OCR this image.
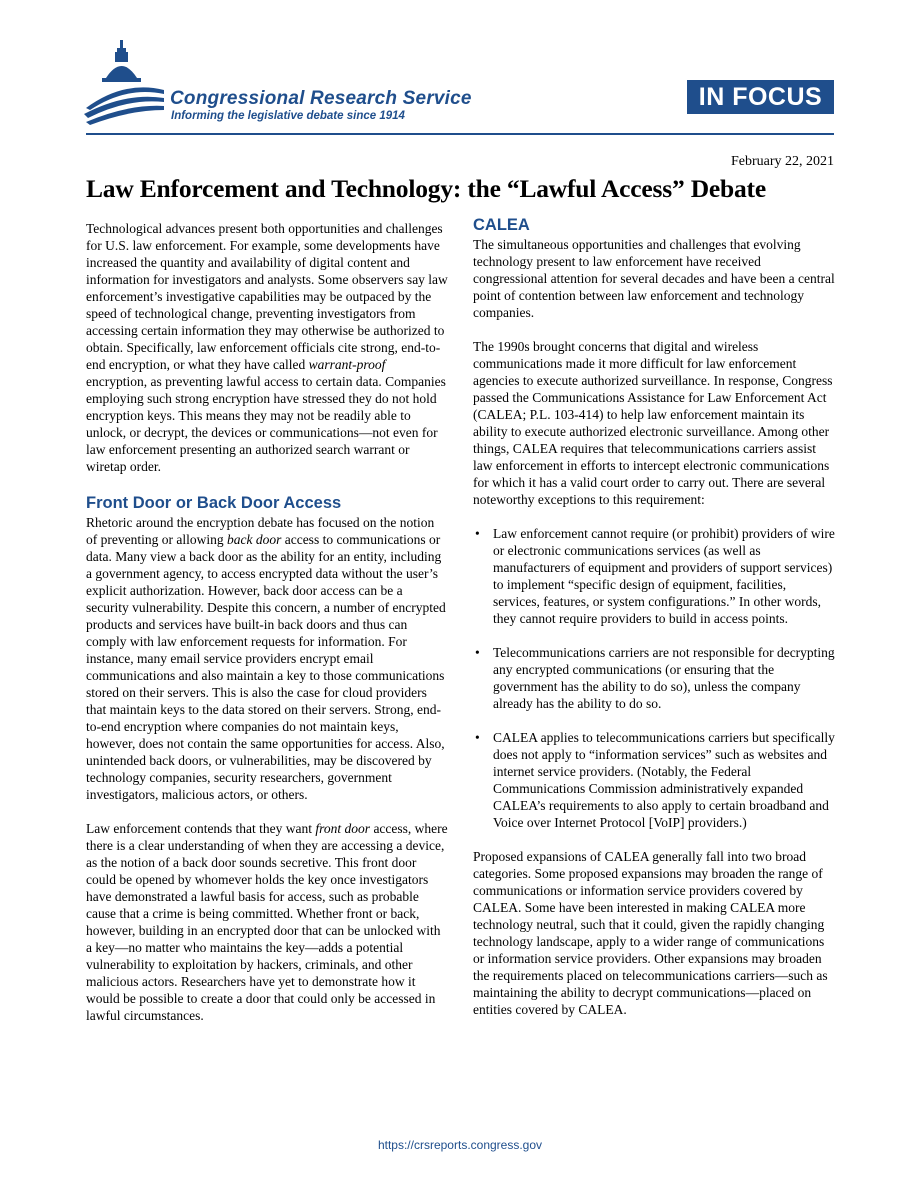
Congressional Research Service
Informing the legislative debate since 1914
IN FOCUS
February 22, 2021
Law Enforcement and Technology: the “Lawful Access” Debate

Technological advances present both opportunities and challenges for U.S. law enforcement. For example, some developments have increased the quantity and availability of digital content and information for investigators and analysts. Some observers say law enforcement’s investigative capabilities may be outpaced by the speed of technological change, preventing investigators from accessing certain information they may otherwise be authorized to obtain. Specifically, law enforcement officials cite strong, end-to-end encryption, or what they have called warrant-proof encryption, as preventing lawful access to certain data. Companies employing such strong encryption have stressed they do not hold encryption keys. This means they may not be readily able to unlock, or decrypt, the devices or communications—not even for law enforcement presenting an authorized search warrant or wiretap order.

Front Door or Back Door Access

Rhetoric around the encryption debate has focused on the notion of preventing or allowing back door access to communications or data. Many view a back door as the ability for an entity, including a government agency, to access encrypted data without the user’s explicit authorization. However, back door access can be a security vulnerability. Despite this concern, a number of encrypted products and services have built-in back doors and thus can comply with law enforcement requests for information. For instance, many email service providers encrypt email communications and also maintain a key to those communications stored on their servers. This is also the case for cloud providers that maintain keys to the data stored on their servers. Strong, end-to-end encryption where companies do not maintain keys, however, does not contain the same opportunities for access. Also, unintended back doors, or vulnerabilities, may be discovered by technology companies, security researchers, government investigators, malicious actors, or others.

Law enforcement contends that they want front door access, where there is a clear understanding of when they are accessing a device, as the notion of a back door sounds secretive. This front door could be opened by whomever holds the key once investigators have demonstrated a lawful basis for access, such as probable cause that a crime is being committed. Whether front or back, however, building in an encrypted door that can be unlocked with a key—no matter who maintains the key—adds a potential vulnerability to exploitation by hackers, criminals, and other malicious actors. Researchers have yet to demonstrate how it would be possible to create a door that could only be accessed in lawful circumstances.

CALEA

The simultaneous opportunities and challenges that evolving technology present to law enforcement have received congressional attention for several decades and have been a central point of contention between law enforcement and technology companies.

The 1990s brought concerns that digital and wireless communications made it more difficult for law enforcement agencies to execute authorized surveillance. In response, Congress passed the Communications Assistance for Law Enforcement Act (CALEA; P.L. 103-414) to help law enforcement maintain its ability to execute authorized electronic surveillance. Among other things, CALEA requires that telecommunications carriers assist law enforcement in efforts to intercept electronic communications for which it has a valid court order to carry out. There are several noteworthy exceptions to this requirement:

• Law enforcement cannot require (or prohibit) providers of wire or electronic communications services (as well as manufacturers of equipment and providers of support services) to implement “specific design of equipment, facilities, services, features, or system configurations.” In other words, they cannot require providers to build in access points.
• Telecommunications carriers are not responsible for decrypting any encrypted communications (or ensuring that the government has the ability to do so), unless the company already has the ability to do so.
• CALEA applies to telecommunications carriers but specifically does not apply to “information services” such as websites and internet service providers. (Notably, the Federal Communications Commission administratively expanded CALEA’s requirements to also apply to certain broadband and Voice over Internet Protocol [VoIP] providers.)

Proposed expansions of CALEA generally fall into two broad categories. Some proposed expansions may broaden the range of communications or information service providers covered by CALEA. Some have been interested in making CALEA more technology neutral, such that it could, given the rapidly changing technology landscape, apply to a wider range of communications or information service providers. Other expansions may broaden the requirements placed on telecommunications carriers—such as maintaining the ability to decrypt communications—placed on entities covered by CALEA.

https://crsreports.congress.gov
